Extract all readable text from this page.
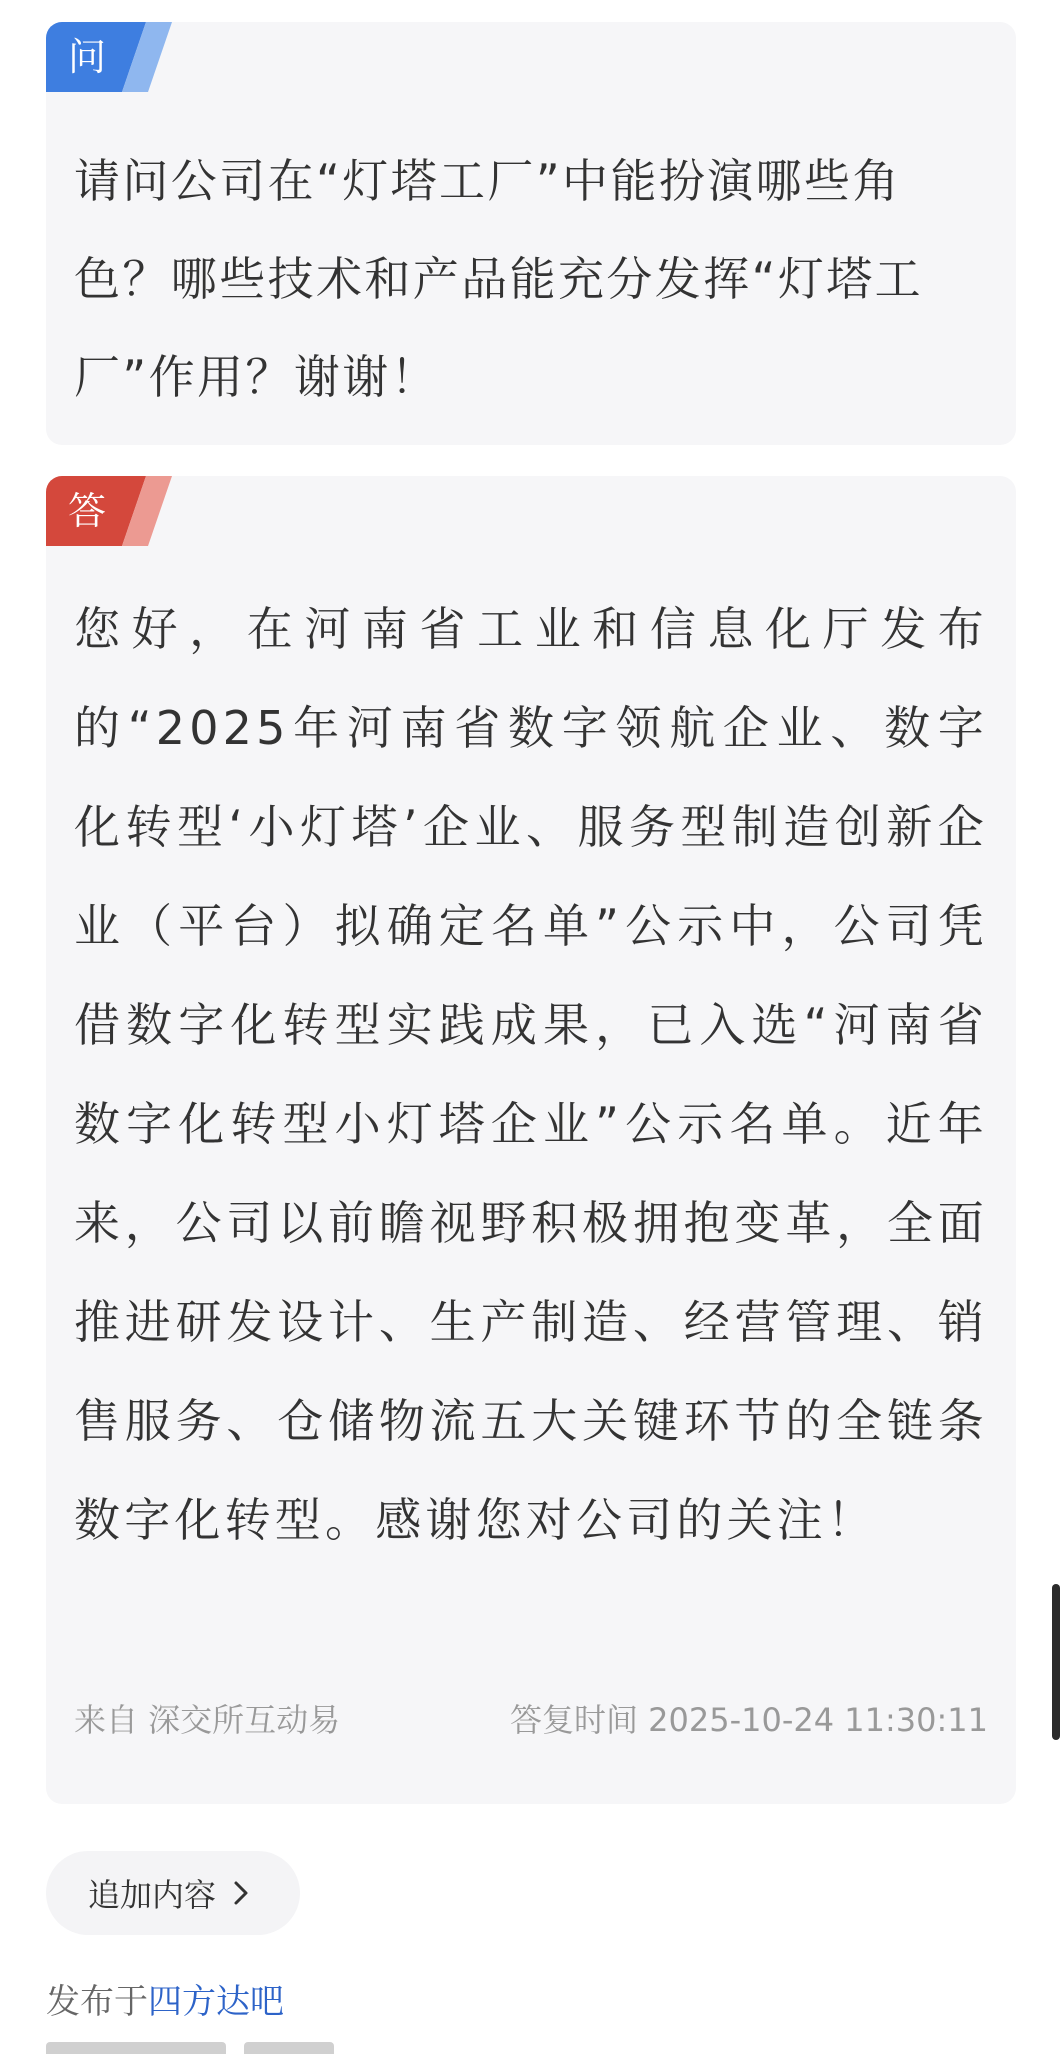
问

请问公司在“灯塔工厂”中能扮演哪些角色？哪些技术和产品能充分发挥“灯塔工厂”作用？谢谢！

答

您好，在河南省工业和信息化厅发布的“2025年河南省数字领航企业、数字化转型‘小灯塔’企业、服务型制造创新企业（平台）拟确定名单”公示中，公司凭借数字化转型实践成果，已入选“河南省数字化转型小灯塔企业”公示名单。近年来，公司以前瞻视野积极拥抱变革，全面推进研发设计、生产制造、经营管理、销售服务、仓储物流五大关键环节的全链条数字化转型。感谢您对公司的关注！

来自 深交所互动易	答复时间 2025-10-24 11:30:11
追加内容
发布于四方达吧
